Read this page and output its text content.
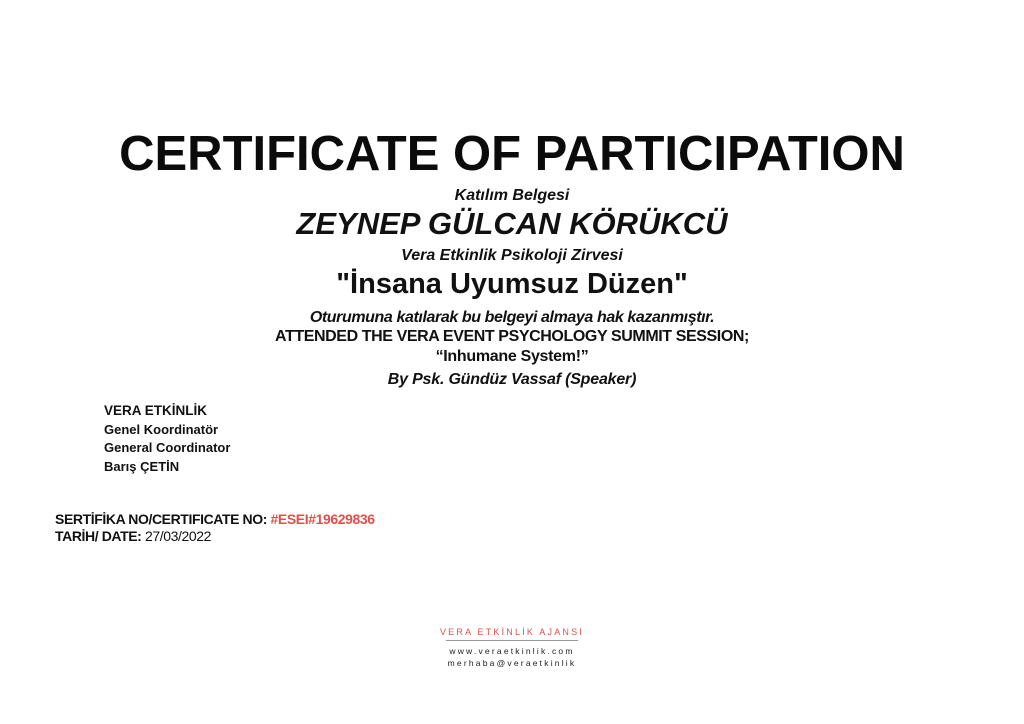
CERTIFICATE OF PARTICIPATION
Katılım Belgesi
ZEYNEP GÜLCAN KÖRÜKCÜ
Vera Etkinlik Psikoloji Zirvesi
"İnsana Uyumsuz Düzen"
Oturumuna katılarak bu belgeyi almaya hak kazanmıştır.
ATTENDED THE VERA EVENT PSYCHOLOGY SUMMIT SESSION;
“Inhumane System!”
By Psk. Gündüz Vassaf (Speaker)
VERA ETKİNLİK
Genel Koordinatör
General Coordinator
Barış ÇETİN
SERTİFİKA NO/CERTIFICATE NO: #ESEI#19629836
TARİH/ DATE: 27/03/2022
VERA ETKİNLİK AJANSI
www.veraetkinlik.com
merhaba@veraetkinlik
